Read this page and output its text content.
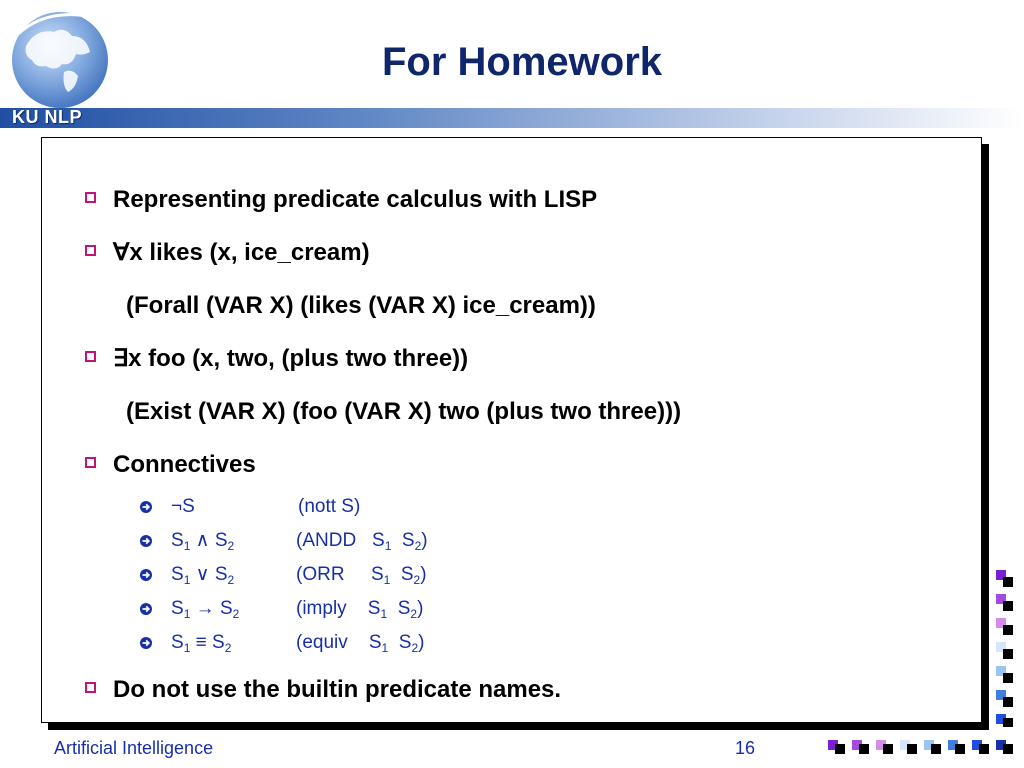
KU NLP
For Homework
Representing predicate calculus with LISP
∀x likes (x, ice_cream)
(Forall (VAR X) (likes (VAR X) ice_cream))
∃x foo (x, two, (plus two three))
(Exist (VAR X) (foo (VAR X) two (plus two three)))
Connectives
¬S	(nott S)
$S_1$ ∧ $S_2$	(ANDD   $S_1$  $S_2$)
$S_1$ ∨ $S_2$	(ORR     $S_1$  $S_2$)
$S_1 \to S_2$	(imply    $S_1$  $S_2$)
$S_1 \equiv S_2$	(equiv    $S_1$  $S_2$)
Do not use the builtin predicate names.
Artificial Intelligence	16
